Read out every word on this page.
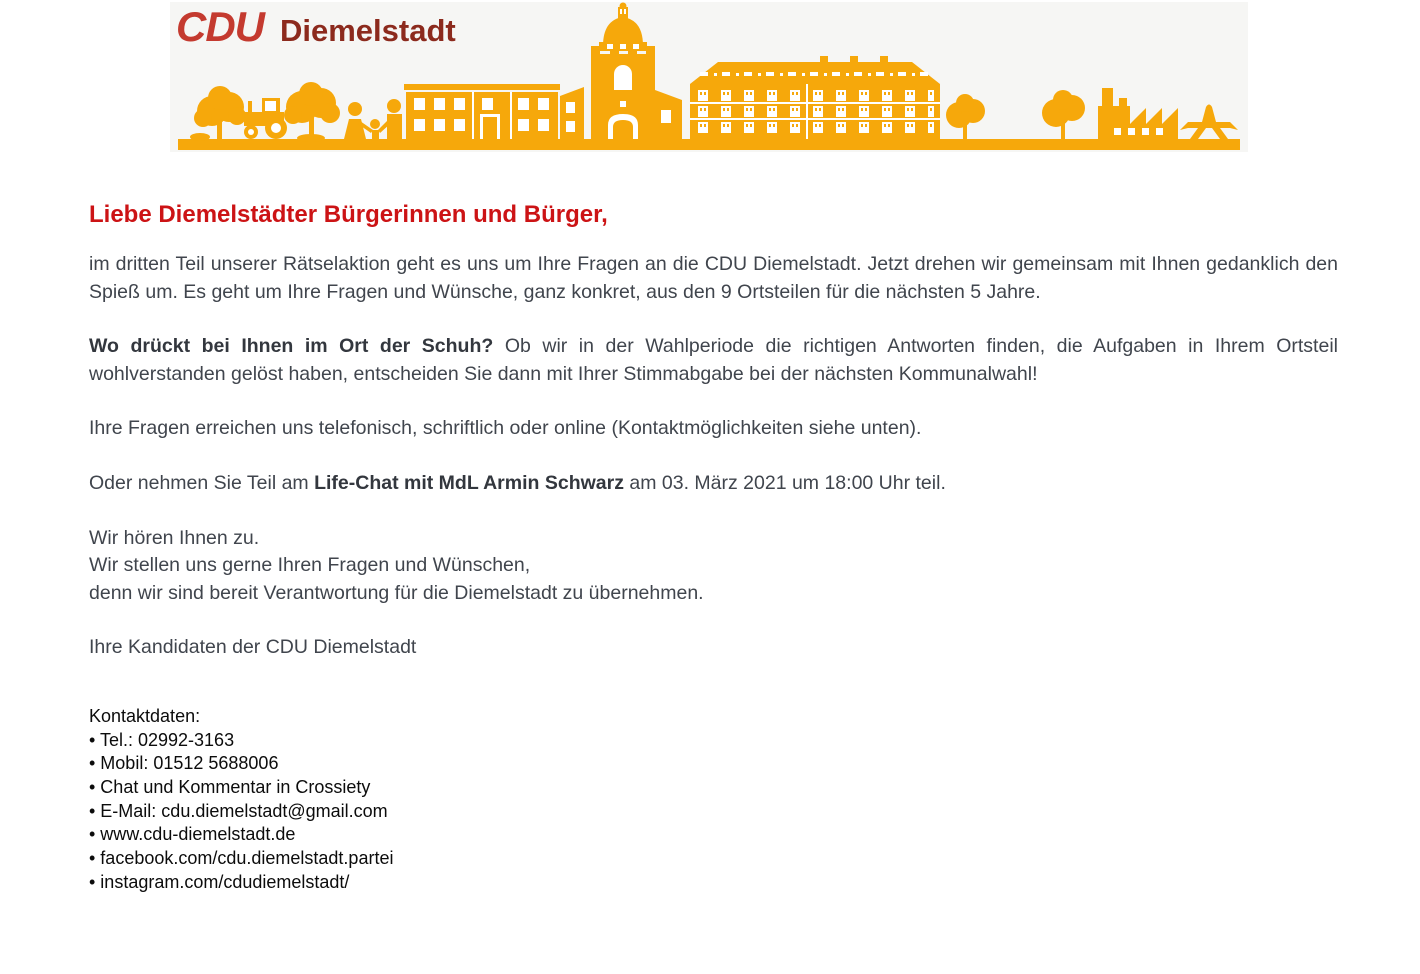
CDU Diemelstadt
Liebe Diemelstädter Bürgerinnen und Bürger,

im dritten Teil unserer Rätselaktion geht es uns um Ihre Fragen an die CDU Diemelstadt. Jetzt drehen wir gemeinsam mit Ihnen gedanklich den Spieß um. Es geht um Ihre Fragen und Wünsche, ganz konkret, aus den 9 Ortsteilen für die nächsten 5 Jahre.

Wo drückt bei Ihnen im Ort der Schuh? Ob wir in der Wahlperiode die richtigen Antworten finden, die Aufgaben in Ihrem Ortsteil wohlverstanden gelöst haben, entscheiden Sie dann mit Ihrer Stimmabgabe bei der nächsten Kommunalwahl!

Ihre Fragen erreichen uns telefonisch, schriftlich oder online (Kontaktmöglichkeiten siehe unten).

Oder nehmen Sie Teil am Life-Chat mit MdL Armin Schwarz am 03. März 2021 um 18:00 Uhr teil.

Wir hören Ihnen zu.
Wir stellen uns gerne Ihren Fragen und Wünschen,
denn wir sind bereit Verantwortung für die Diemelstadt zu übernehmen.

Ihre Kandidaten der CDU Diemelstadt

Kontaktdaten:
• Tel.: 02992-3163
• Mobil: 01512 5688006
• Chat und Kommentar in Crossiety
• E-Mail: cdu.diemelstadt@gmail.com
• www.cdu-diemelstadt.de
• facebook.com/cdu.diemelstadt.partei
• instagram.com/cdudiemelstadt/
